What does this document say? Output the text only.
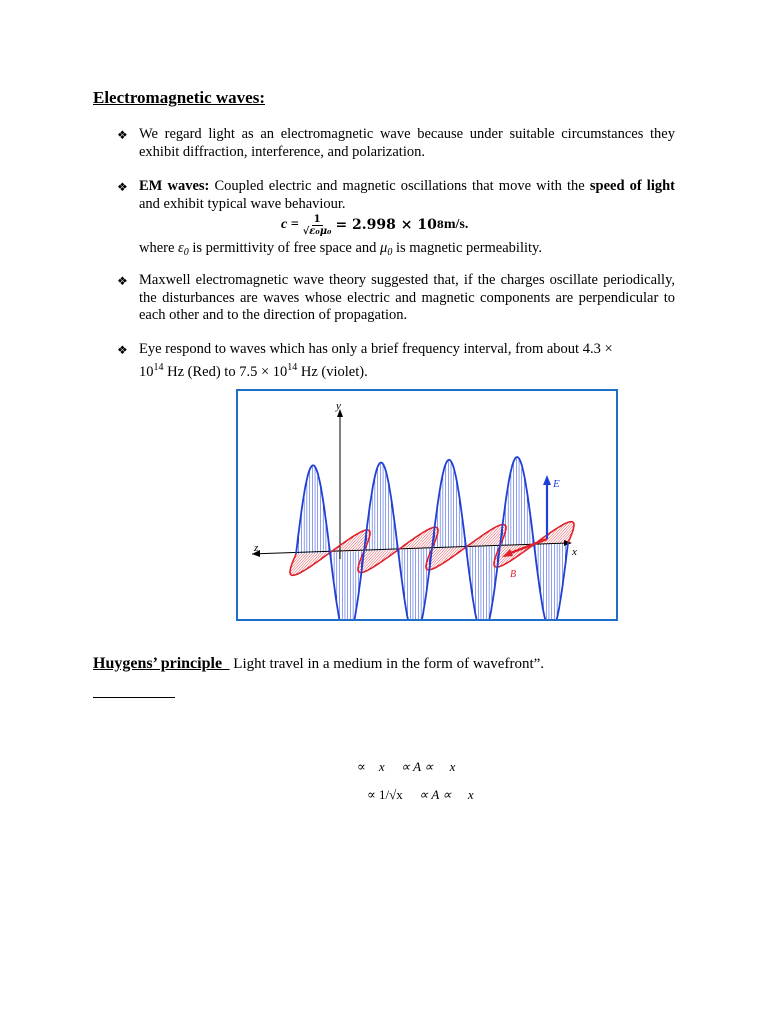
Electromagnetic waves:
❖ We regard light as an electromagnetic wave because under suitable circumstances they exhibit diffraction, interference, and polarization.
❖ EM waves: Coupled electric and magnetic oscillations that move with the speed of light and exhibit typical wave behaviour.
$c = \frac{1}{\text{√ε₀μ₀}} = 2.998 \times 10$ 8 m/s.
where $\varepsilon_0$ is permittivity of free space and $\mu_0$ is magnetic permeability.
❖ Maxwell electromagnetic wave theory suggested that, if the charges oscillate periodically, the disturbances are waves whose electric and magnetic components are perpendicular to each other and to the direction of propagation.
❖ Eye respond to waves which has only a brief frequency interval, from about 4.3 ×
$10^{14}$ Hz (Red) to $7.5 \times 10^{14}$ Hz (violet).
y
z	x
E
B
Huygens’ principle   Light travel in a medium in the form of wavefront”.
∝ x ∝ A ∝ x
∝ 1/√x ∝ A ∝ x
